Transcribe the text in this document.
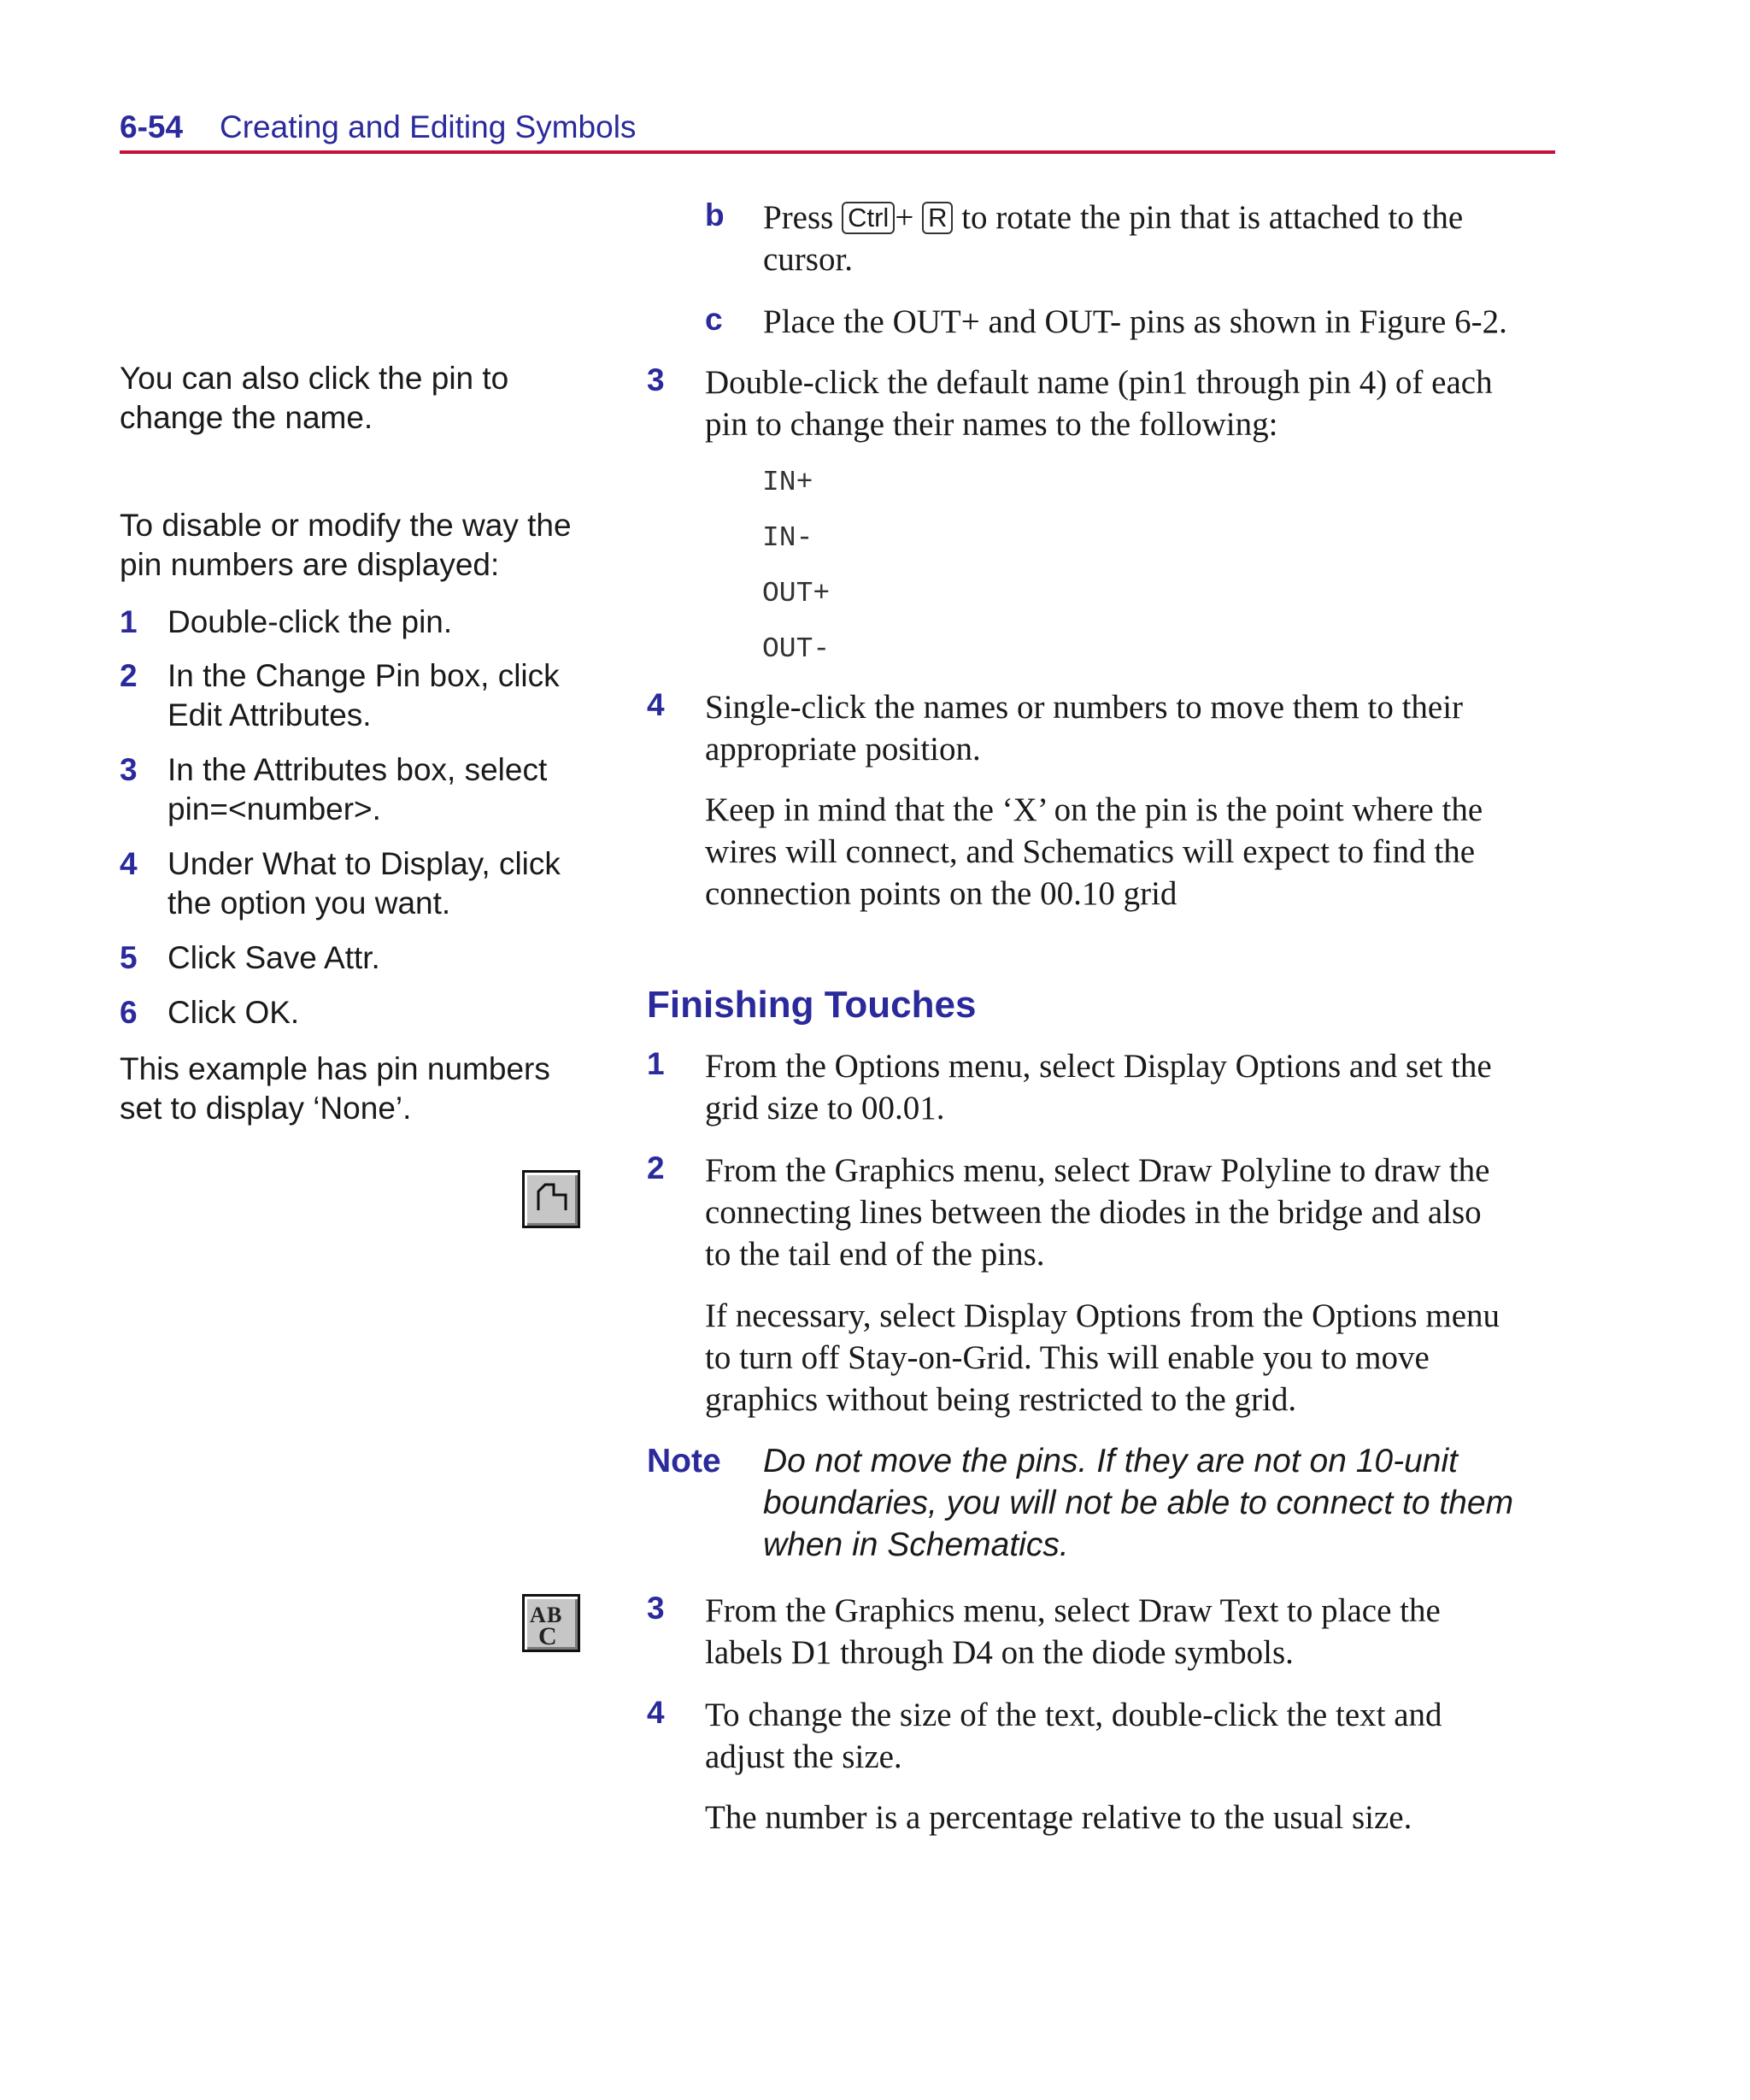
6-54 Creating and Editing Symbols
You can also click the pin to
change the name.
To disable or modify the way the
pin numbers are displayed:
1 Double-click the pin.
2 In the Change Pin box, click
Edit Attributes.
3 In the Attributes box, select
pin=<number>.
4 Under What to Display, click
the option you want.
5 Click Save Attr.
6 Click OK.
This example has pin numbers
set to display ‘None’.
A B
C
b Press Ctrl + R to rotate the pin that is attached to the
cursor.
c Place the OUT+ and OUT- pins as shown in Figure 6-2.
3 Double-click the default name (pin1 through pin 4) of each
pin to change their names to the following:
IN+
IN-
OUT+
OUT-
4 Single-click the names or numbers to move them to their
appropriate position.
Keep in mind that the ‘X’ on the pin is the point where the
wires will connect, and Schematics will expect to find the
connection points on the 00.10 grid
Finishing Touches
1 From the Options menu, select Display Options and set the
grid size to 00.01.
2 From the Graphics menu, select Draw Polyline to draw the
connecting lines between the diodes in the bridge and also
to the tail end of the pins.
If necessary, select Display Options from the Options menu
to turn off Stay-on-Grid. This will enable you to move
graphics without being restricted to the grid.
Note Do not move the pins. If they are not on 10-unit
boundaries, you will not be able to connect to them
when in Schematics.
3 From the Graphics menu, select Draw Text to place the
labels D1 through D4 on the diode symbols.
4 To change the size of the text, double-click the text and
adjust the size.
The number is a percentage relative to the usual size.
